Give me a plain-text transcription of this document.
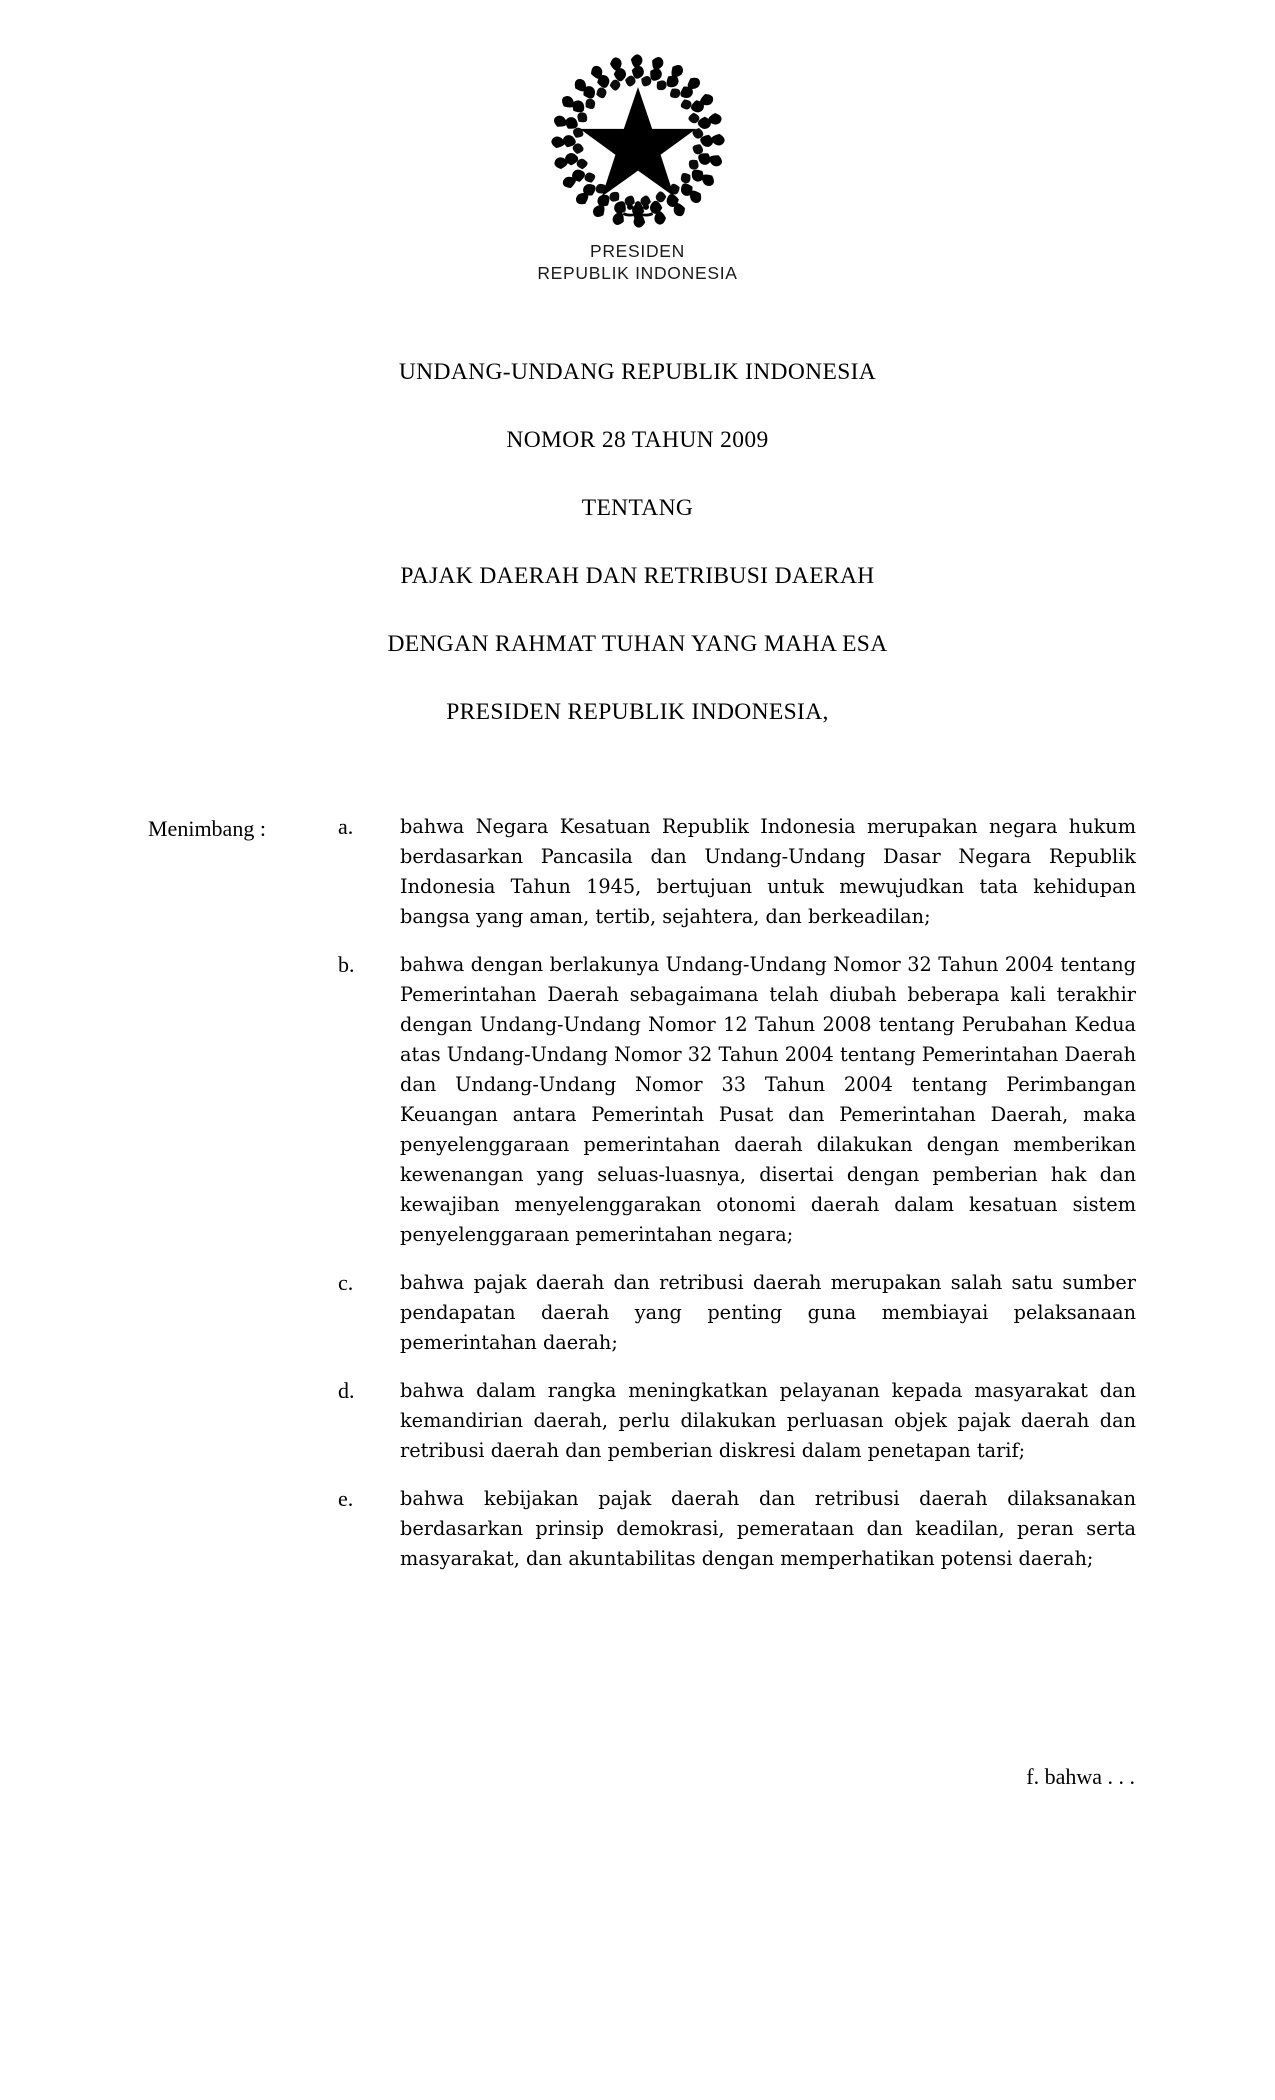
PRESIDEN
REPUBLIK INDONESIA
UNDANG-UNDANG REPUBLIK INDONESIA
NOMOR 28 TAHUN 2009
TENTANG
PAJAK DAERAH DAN RETRIBUSI DAERAH
DENGAN RAHMAT TUHAN YANG MAHA ESA
PRESIDEN REPUBLIK INDONESIA,
Menimbang :	a. bahwa Negara Kesatuan Republik Indonesia merupakan negara hukum berdasarkan Pancasila dan Undang-Undang Dasar Negara Republik Indonesia Tahun 1945, bertujuan untuk mewujudkan tata kehidupan bangsa yang aman, tertib, sejahtera, dan berkeadilan;
b. bahwa dengan berlakunya Undang-Undang Nomor 32 Tahun 2004 tentang Pemerintahan Daerah sebagaimana telah diubah beberapa kali terakhir dengan Undang-Undang Nomor 12 Tahun 2008 tentang Perubahan Kedua atas Undang-Undang Nomor 32 Tahun 2004 tentang Pemerintahan Daerah dan Undang-Undang Nomor 33 Tahun 2004 tentang Perimbangan Keuangan antara Pemerintah Pusat dan Pemerintahan Daerah, maka penyelenggaraan pemerintahan daerah dilakukan dengan memberikan kewenangan yang seluas-luasnya, disertai dengan pemberian hak dan kewajiban menyelenggarakan otonomi daerah dalam kesatuan sistem penyelenggaraan pemerintahan negara;
c. bahwa pajak daerah dan retribusi daerah merupakan salah satu sumber pendapatan daerah yang penting guna membiayai pelaksanaan pemerintahan daerah;
d. bahwa dalam rangka meningkatkan pelayanan kepada masyarakat dan kemandirian daerah, perlu dilakukan perluasan objek pajak daerah dan retribusi daerah dan pemberian diskresi dalam penetapan tarif;
e. bahwa kebijakan pajak daerah dan retribusi daerah dilaksanakan berdasarkan prinsip demokrasi, pemerataan dan keadilan, peran serta masyarakat, dan akuntabilitas dengan memperhatikan potensi daerah;
f. bahwa . . .
